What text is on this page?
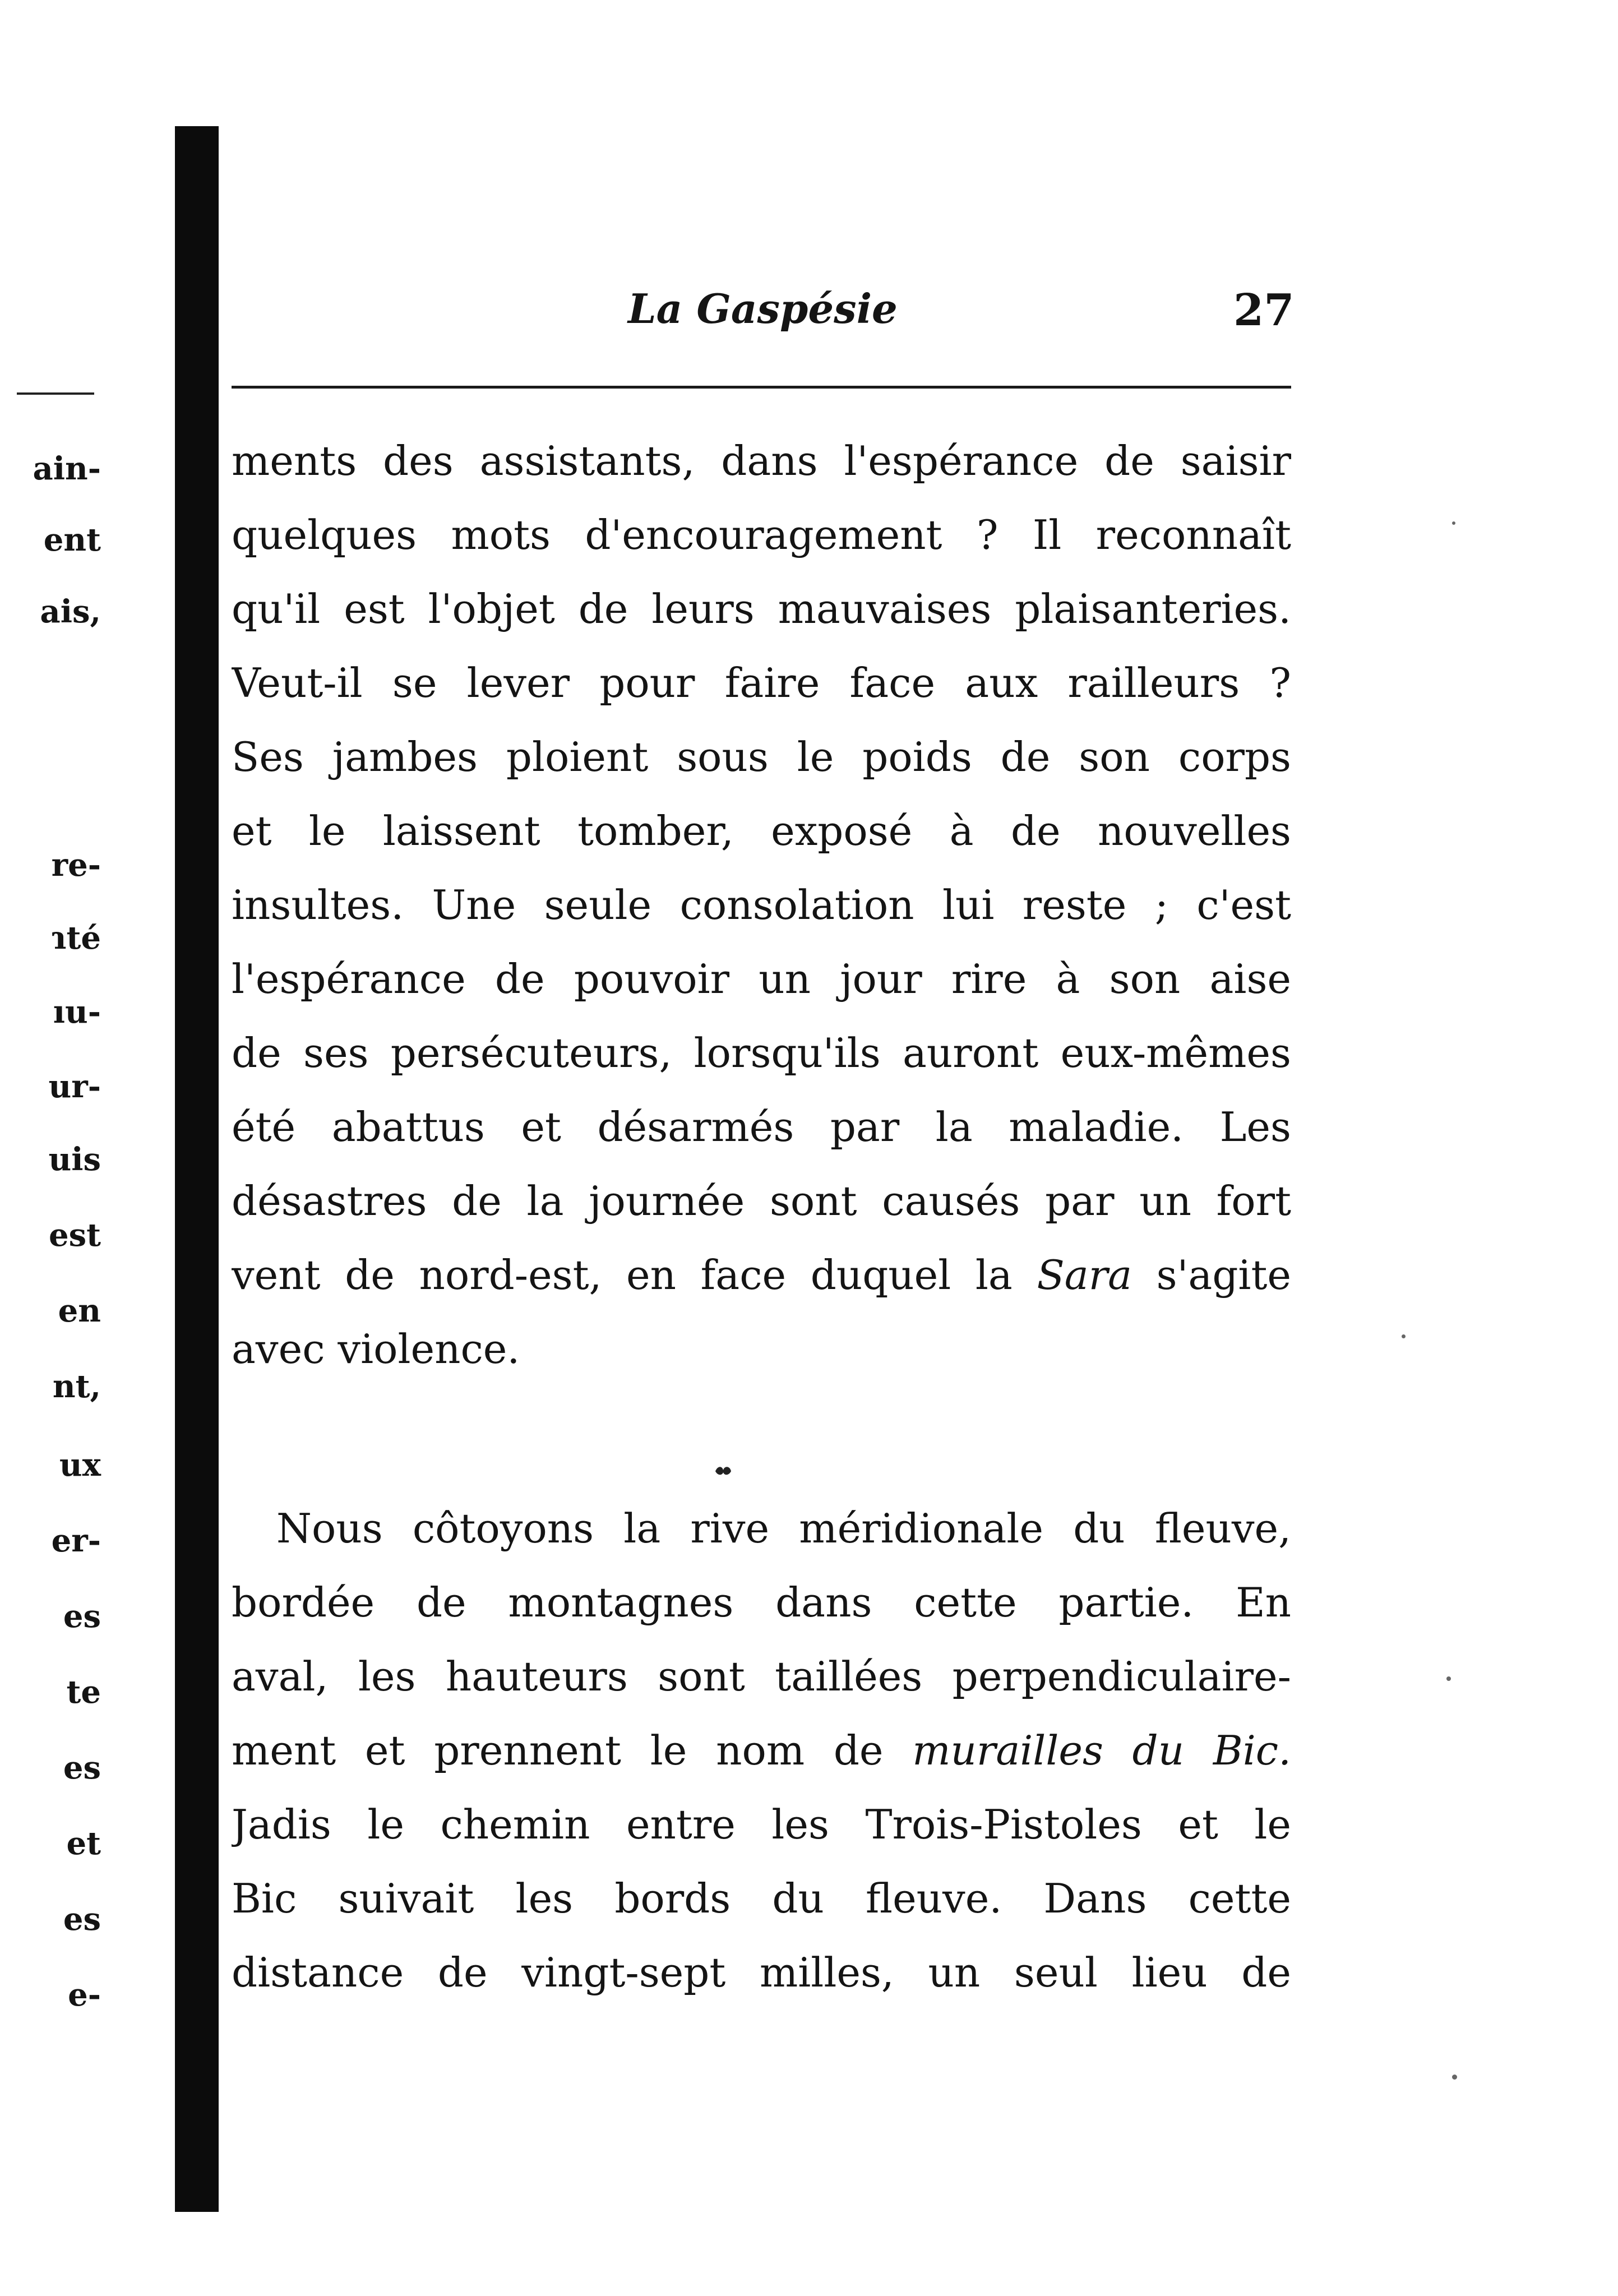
ain-
ent
ais,
re-
ɿté
ıu-
ur-
uis
est
en
nt,
ux
er-
es
te
es
et
es
e-
La Gaspésie	27
ments des assistants, dans l'espérance de saisir
quelques mots d'encouragement ? Il reconnaît
qu'il est l'objet de leurs mauvaises plaisanteries.
Veut-il se lever pour faire face aux railleurs ?
Ses jambes ploient sous le poids de son corps
et le laissent tomber, exposé à de nouvelles
insultes. Une seule consolation lui reste ; c'est
l'espérance de pouvoir un jour rire à son aise
de ses persécuteurs, lorsqu'ils auront eux-mêmes
été abattus et désarmés par la maladie. Les
désastres de la journée sont causés par un fort
vent de nord-est, en face duquel la Sara s'agite
avec violence.
Nous côtoyons la rive méridionale du fleuve,
bordée de montagnes dans cette partie. En
aval, les hauteurs sont taillées perpendiculaire-
ment et prennent le nom de murailles du Bic.
Jadis le chemin entre les Trois-Pistoles et le
Bic suivait les bords du fleuve. Dans cette
distance de vingt-sept milles, un seul lieu de
